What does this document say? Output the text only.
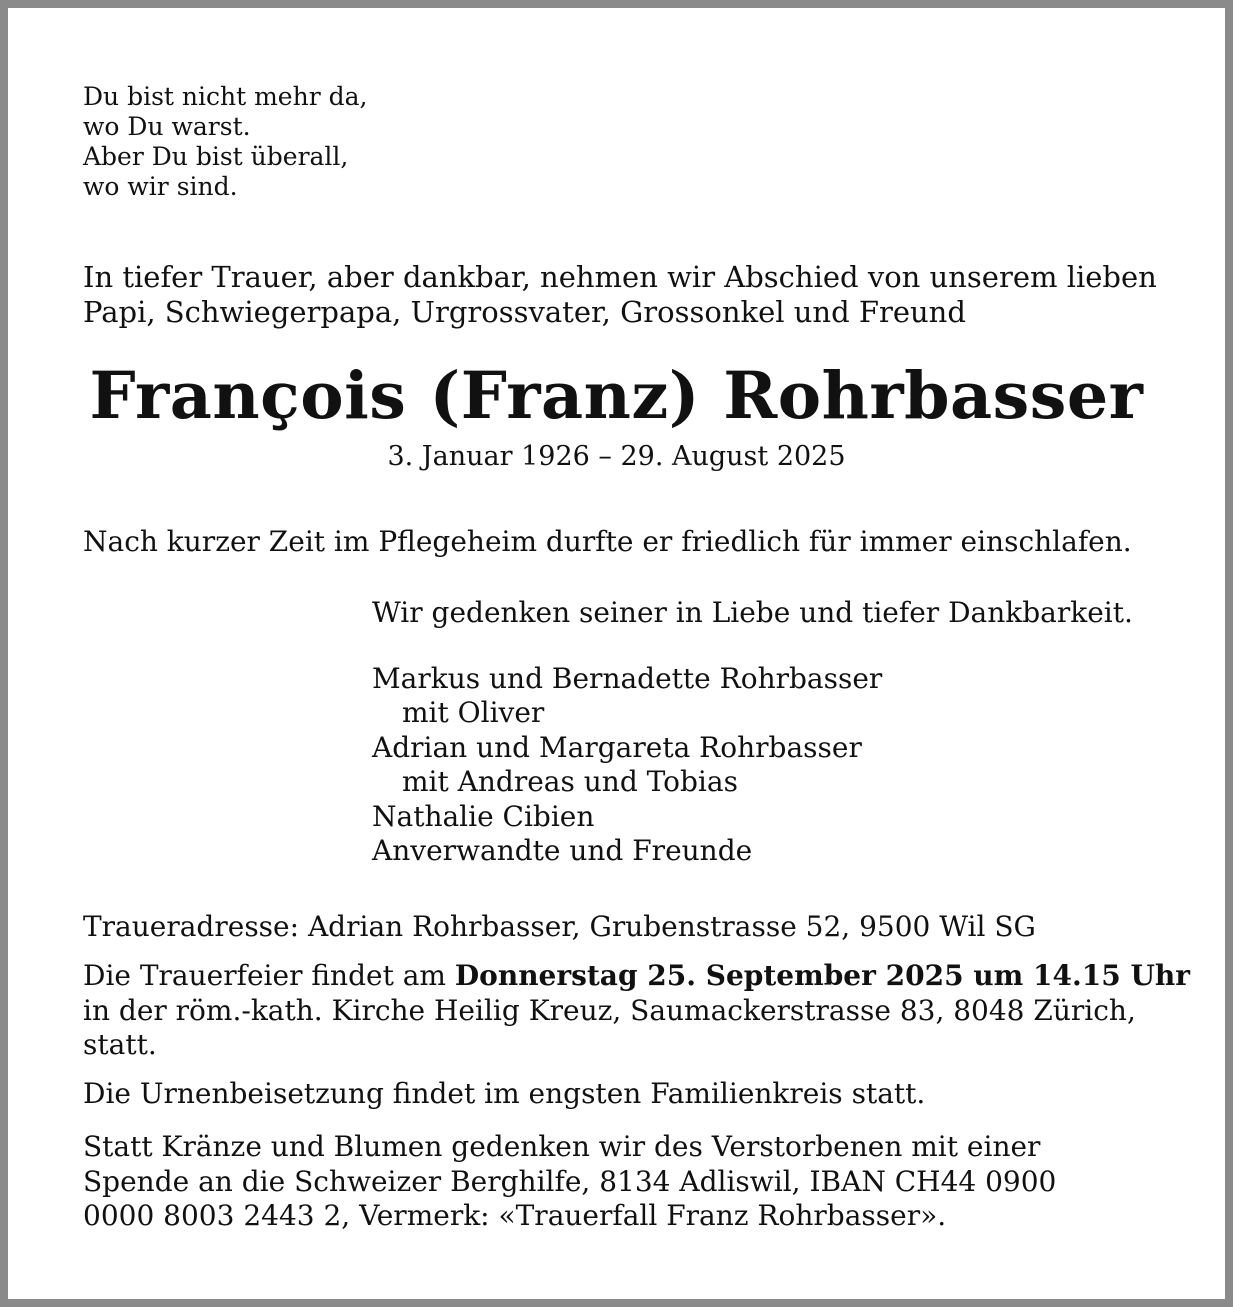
Du bist nicht mehr da,
wo Du warst.
Aber Du bist überall,
wo wir sind.
In tiefer Trauer, aber dankbar, nehmen wir Abschied von unserem lieben
Papi, Schwiegerpapa, Urgrossvater, Grossonkel und Freund
François (Franz) Rohrbasser
3. Januar 1926 – 29. August 2025
Nach kurzer Zeit im Pflegeheim durfte er friedlich für immer einschlafen.
Wir gedenken seiner in Liebe und tiefer Dankbarkeit.
Markus und Bernadette Rohrbasser
mit Oliver
Adrian und Margareta Rohrbasser
mit Andreas und Tobias
Nathalie Cibien
Anverwandte und Freunde
Traueradresse: Adrian Rohrbasser, Grubenstrasse 52, 9500 Wil SG
Die Trauerfeier findet am Donnerstag 25. September 2025 um 14.15 Uhr
in der röm.-kath. Kirche Heilig Kreuz, Saumackerstrasse 83, 8048 Zürich,
statt.
Die Urnenbeisetzung findet im engsten Familienkreis statt.
Statt Kränze und Blumen gedenken wir des Verstorbenen mit einer
Spende an die Schweizer Berghilfe, 8134 Adliswil, IBAN CH44 0900
0000 8003 2443 2, Vermerk: «Trauerfall Franz Rohrbasser».
